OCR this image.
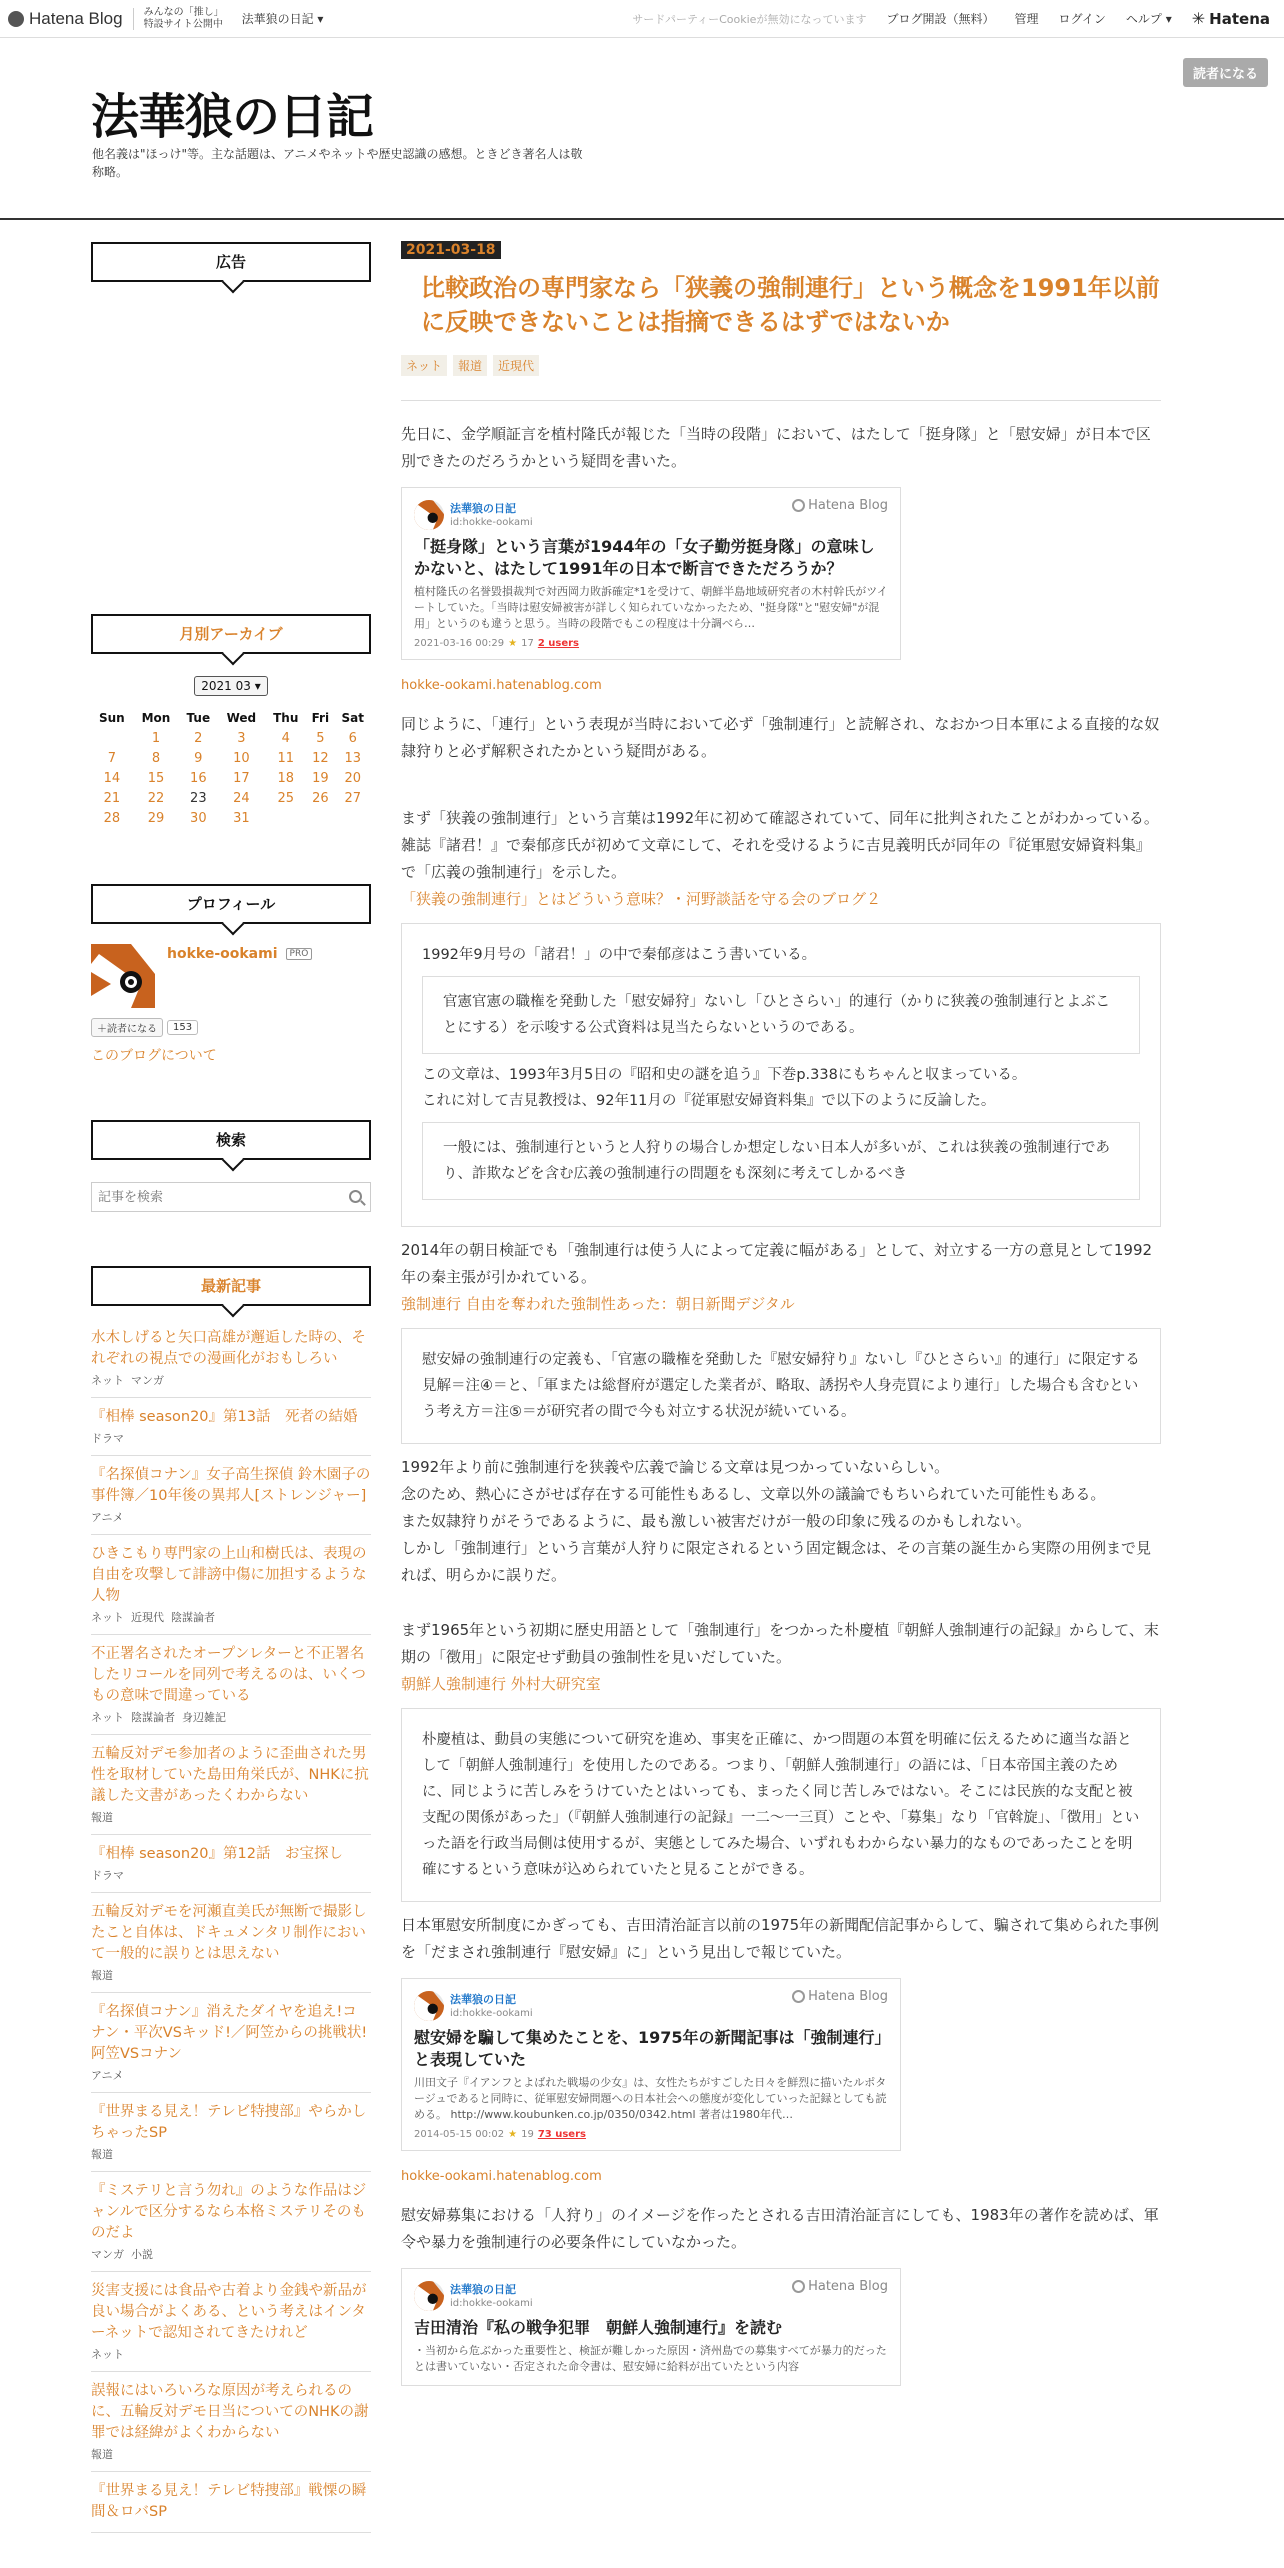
Hatena Blog みんなの「推し」
特設サイト公開中 法華狼の日記 ▾	サードパーティーCookieが無効になっています ブログ開設（無料） 管理 ログイン ヘルプ ▾ ✳ Hatena
法華狼の日記
他名義は"ほっけ"等。主な話題は、アニメやネットや歴史認識の感想。ときどき著名人は敬称略。
読者になる
広告
月別アーカイブ
2021 03 ▾
Sun	Mon	Tue	Wed	Thu	Fri	Sat
	1	2	3	4	5	6
7	8	9	10	11	12	13
14	15	16	17	18	19	20
21	22	23	24	25	26	27
28	29	30	31			
プロフィール
hokke-ookami	PRO
＋読者になる	153
このブログについて
検索
記事を検索
最新記事
水木しげると矢口高雄が邂逅した時の、それぞれの視点での漫画化がおもしろい
ネット マンガ
『相棒 season20』第13話　死者の結婚
ドラマ
『名探偵コナン』女子高生探偵 鈴木園子の事件簿／10年後の異邦人[ストレンジャー]
アニメ
ひきこもり専門家の上山和樹氏は、表現の自由を攻撃して誹謗中傷に加担するような人物
ネット 近現代 陰謀論者
不正署名されたオープンレターと不正署名したリコールを同列で考えるのは、いくつもの意味で間違っている
ネット 陰謀論者 身辺雑記
五輪反対デモ参加者のように歪曲された男性を取材していた島田角栄氏が、NHKに抗議した文書があったくわからない
報道
『相棒 season20』第12話　お宝探し
ドラマ
五輪反対デモを河瀬直美氏が無断で撮影したこと自体は、ドキュメンタリ制作において一般的に誤りとは思えない
報道
『名探偵コナン』消えたダイヤを追え!コナン・平次VSキッド!／阿笠からの挑戦状!阿笠VSコナン
アニメ
『世界まる見え！テレビ特捜部』やらかしちゃったSP
報道
『ミステリと言う勿れ』のような作品はジャンルで区分するなら本格ミステリそのものだよ
マンガ 小説
災害支援には食品や古着より金銭や新品が良い場合がよくある、という考えはインターネットで認知されてきたけれど
ネット
誤報にはいろいろな原因が考えられるのに、五輪反対デモ日当についてのNHKの謝罪では経緯がよくわからない
報道
『世界まる見え！テレビ特捜部』戦慄の瞬間＆ロバSP
2021-03-18
比較政治の専門家なら「狭義の強制連行」という概念を1991年以前に反映できないことは指摘できるはずではないか
ネット	報道	近現代

先日に、金学順証言を植村隆氏が報じた「当時の段階」において、はたして「挺身隊」と「慰安婦」が日本で区別できたのだろうかという疑問を書いた。

法華狼の日記
id:hokke-ookami
Hatena Blog
「挺身隊」という言葉が1944年の「女子勤労挺身隊」の意味しかないと、はたして1991年の日本で断言できただろうか？
植村隆氏の名誉毀損裁判で対西岡力敗訴確定*1を受けて、朝鮮半島地域研究者の木村幹氏がツイートしていた。「当時は慰安婦被害が詳しく知られていなかったため、"挺身隊"と"慰安婦"が混用」というのも違うと思う。当時の段階でもこの程度は十分調べら…
2021-03-16 00:29 ★ 17 2 users
hokke-ookami.hatenablog.com

同じように、「連行」という表現が当時において必ず「強制連行」と読解され、なおかつ日本軍による直接的な奴隷狩りと必ず解釈されたかという疑問がある。

まず「狭義の強制連行」という言葉は1992年に初めて確認されていて、同年に批判されたことがわかっている。

雑誌『諸君！』で秦郁彦氏が初めて文章にして、それを受けるように吉見義明氏が同年の『従軍慰安婦資料集』で「広義の強制連行」を示した。

「狭義の強制連行」とはどういう意味？・河野談話を守る会のブログ２

1992年9月号の「諸君！」の中で秦郁彦はこう書いている。

官憲官憲の職権を発動した「慰安婦狩」ないし「ひとさらい」的連行（かりに狭義の強制連行とよぶことにする）を示唆する公式資料は見当たらないというのである。

この文章は、1993年3月5日の『昭和史の謎を追う』下巻p.338にもちゃんと収まっている。

これに対して吉見教授は、92年11月の『従軍慰安婦資料集』で以下のように反論した。

一般には、強制連行というと人狩りの場合しか想定しない日本人が多いが、これは狭義の強制連行であり、詐欺などを含む広義の強制連行の問題をも深刻に考えてしかるべき

2014年の朝日検証でも「強制連行は使う人によって定義に幅がある」として、対立する一方の意見として1992年の秦主張が引かれている。

強制連行 自由を奪われた強制性あった：朝日新聞デジタル

慰安婦の強制連行の定義も、「官憲の職権を発動した『慰安婦狩り』ないし『ひとさらい』的連行」に限定する見解＝注④＝と、「軍または総督府が選定した業者が、略取、誘拐や人身売買により連行」した場合も含むという考え方＝注⑤＝が研究者の間で今も対立する状況が続いている。

1992年より前に強制連行を狭義や広義で論じる文章は見つかっていないらしい。

念のため、熱心にさがせば存在する可能性もあるし、文章以外の議論でもちいられていた可能性もある。

また奴隷狩りがそうであるように、最も激しい被害だけが一般の印象に残るのかもしれない。

しかし「強制連行」という言葉が人狩りに限定されるという固定観念は、その言葉の誕生から実際の用例まで見れば、明らかに誤りだ。

まず1965年という初期に歴史用語として「強制連行」をつかった朴慶植『朝鮮人強制連行の記録』からして、末期の「徴用」に限定せず動員の強制性を見いだしていた。

朝鮮人強制連行 外村大研究室

朴慶植は、動員の実態について研究を進め、事実を正確に、かつ問題の本質を明確に伝えるために適当な語として「朝鮮人強制連行」を使用したのである。つまり、「朝鮮人強制連行」の語には、「日本帝国主義のために、同じように苦しみをうけていたとはいっても、まったく同じ苦しみではない。そこには民族的な支配と被支配の関係があった」（『朝鮮人強制連行の記録』一二～一三頁）ことや、「募集」なり「官斡旋」、「徴用」といった語を行政当局側は使用するが、実態としてみた場合、いずれもわからない暴力的なものであったことを明確にするという意味が込められていたと見ることができる。

日本軍慰安所制度にかぎっても、吉田清治証言以前の1975年の新聞配信記事からして、騙されて集められた事例を「だまされ強制連行『慰安婦』に」という見出しで報じていた。

法華狼の日記
id:hokke-ookami
Hatena Blog
慰安婦を騙して集めたことを、1975年の新聞記事は「強制連行」と表現していた
川田文子『イアンフとよばれた戦場の少女』は、女性たちがすごした日々を鮮烈に描いたルポタージュであると同時に、従軍慰安婦問題への日本社会への態度が変化していった記録としても読める。 http://www.koubunken.co.jp/0350/0342.html 著者は1980年代…
2014-05-15 00:02 ★ 19 73 users
hokke-ookami.hatenablog.com

慰安婦募集における「人狩り」のイメージを作ったとされる吉田清治証言にしても、1983年の著作を読めば、軍令や暴力を強制連行の必要条件にしていなかった。

法華狼の日記
id:hokke-ookami
Hatena Blog
吉田清治『私の戦争犯罪　朝鮮人強制連行』を読む
・当初から危ぶかった重要性と、検証が難しかった原因・済州島での募集すべてが暴力的だったとは書いていない・否定された命令書は、慰安婦に給料が出ていたという内容
